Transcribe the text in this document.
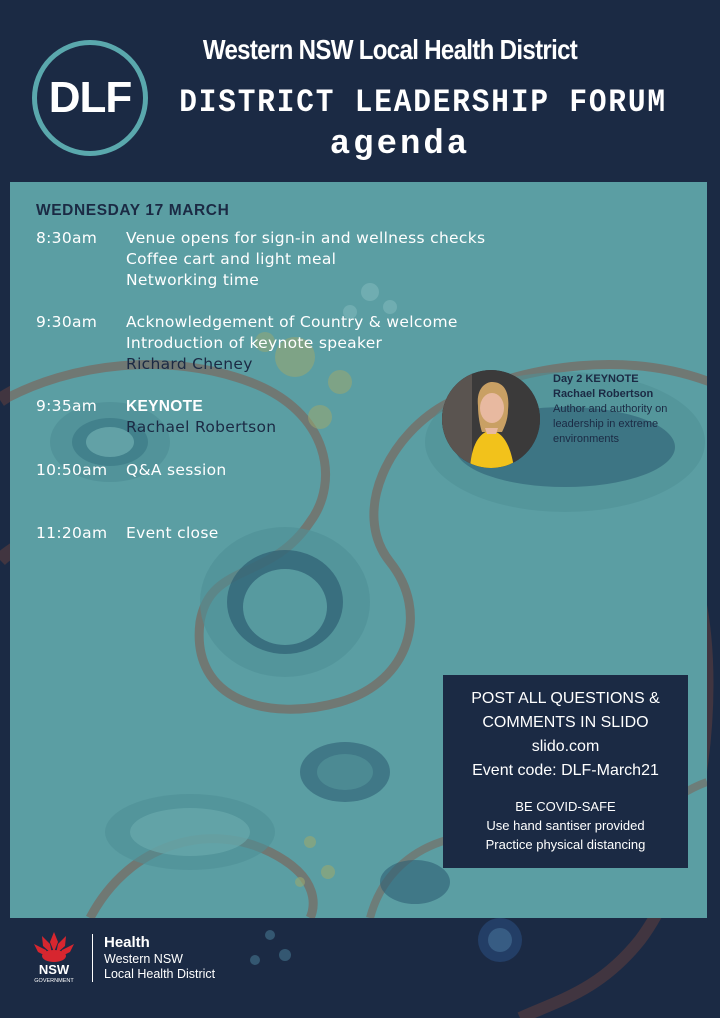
DLF
Western NSW Local Health District
DISTRICT LEADERSHIP FORUM
agenda
WEDNESDAY 17 MARCH
8:30am	Venue opens for sign-in and wellness checks
Coffee cart and light meal
Networking time
9:30am	Acknowledgement of Country & welcome
Introduction of keynote speaker
Richard Cheney
9:35am	KEYNOTE
Rachael Robertson
10:50am	Q&A session
11:20am	Event close
Day 2 KEYNOTE
Rachael Robertson
Author and authority on
leadership in extreme
environments
POST ALL QUESTIONS &
COMMENTS IN SLIDO
slido.com
Event code: DLF-March21
BE COVID-SAFE
Use hand santiser provided
Practice physical distancing
NSW
GOVERNMENT
Health
Western NSW
Local Health District
